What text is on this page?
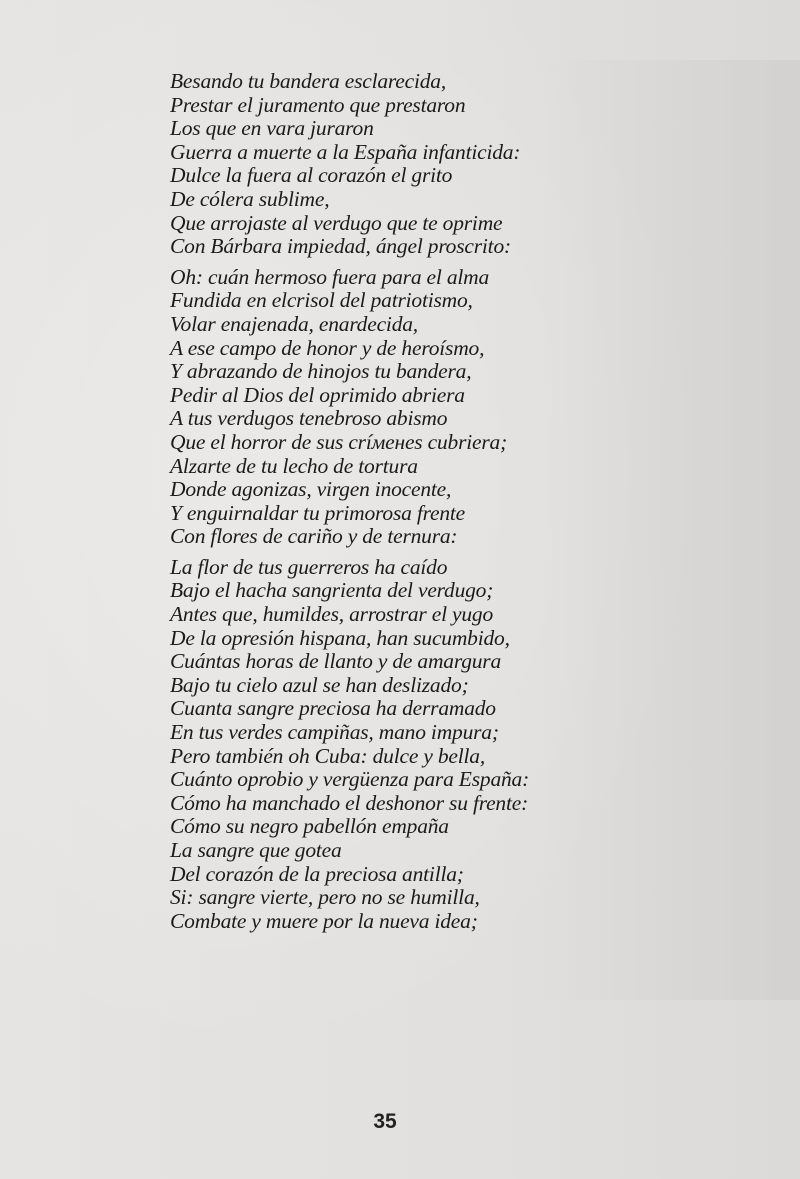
Besando tu bandera esclarecida,
Prestar el juramento que prestaron
Los que en vara juraron
Guerra a muerte a la España infanticida:
Dulce la fuera al corazón el grito
De cólera sublime,
Que arrojaste al verdugo que te oprime
Con Bárbara impiedad, ángel proscrito:
Oh: cuán hermoso fuera para el alma
Fundida en elcrisol del patriotismo,
Volar enajenada, enardecida,
A ese campo de honor y de heroísmo,
Y abrazando de hinojos tu bandera,
Pedir al Dios del oprimido abriera
A tus verdugos tenebroso abismo
Que el horror de sus críменes cubriera;
Alzarte de tu lecho de tortura
Donde agonizas, virgen inocente,
Y enguirnaldar tu primorosa frente
Con flores de cariño y de ternura:
La flor de tus guerreros ha caído
Bajo el hacha sangrienta del verdugo;
Antes que, humildes, arrostrar el yugo
De la opresión hispana, han sucumbido,
Cuántas horas de llanto y de amargura
Bajo tu cielo azul se han deslizado;
Cuanta sangre preciosa ha derramado
En tus verdes campiñas, mano impura;
Pero también oh Cuba: dulce y bella,
Cuánto oprobio y vergüenza para España:
Cómo ha manchado el deshonor su frente:
Cómo su negro pabellón empaña
La sangre que gotea
Del corazón de la preciosa antilla;
Si: sangre vierte, pero no se humilla,
Combate y muere por la nueva idea;
35
